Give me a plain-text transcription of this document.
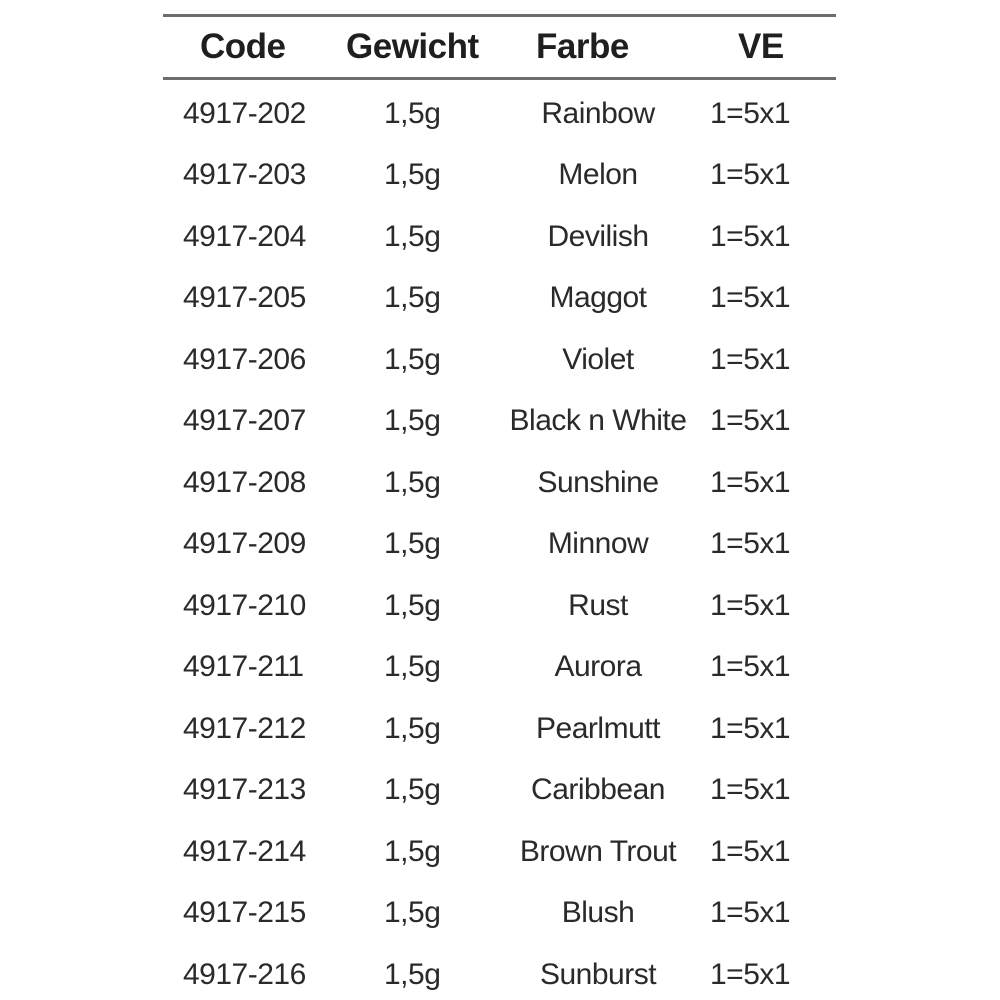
Code	Gewicht	Farbe	VE
4917-202	1,5g	Rainbow	1=5x1
4917-203	1,5g	Melon	1=5x1
4917-204	1,5g	Devilish	1=5x1
4917-205	1,5g	Maggot	1=5x1
4917-206	1,5g	Violet	1=5x1
4917-207	1,5g	Black n White	1=5x1
4917-208	1,5g	Sunshine	1=5x1
4917-209	1,5g	Minnow	1=5x1
4917-210	1,5g	Rust	1=5x1
4917-211	1,5g	Aurora	1=5x1
4917-212	1,5g	Pearlmutt	1=5x1
4917-213	1,5g	Caribbean	1=5x1
4917-214	1,5g	Brown Trout	1=5x1
4917-215	1,5g	Blush	1=5x1
4917-216	1,5g	Sunburst	1=5x1
